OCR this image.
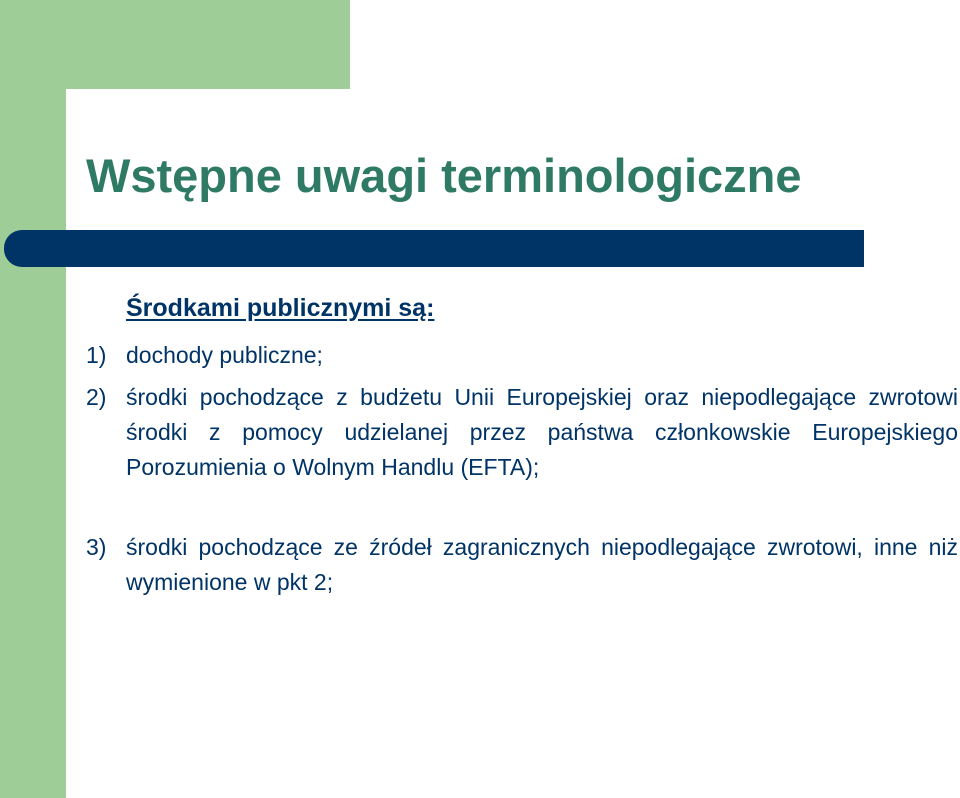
Wstępne uwagi terminologiczne
Środkami publicznymi są:
1) dochody publiczne;
2) środki pochodzące z budżetu Unii Europejskiej oraz niepodlegające zwrotowi środki z pomocy udzielanej przez państwa członkowskie Europejskiego Porozumienia o Wolnym Handlu (EFTA);
3) środki pochodzące ze źródeł zagranicznych niepodlegające zwrotowi, inne niż wymienione w pkt 2;
